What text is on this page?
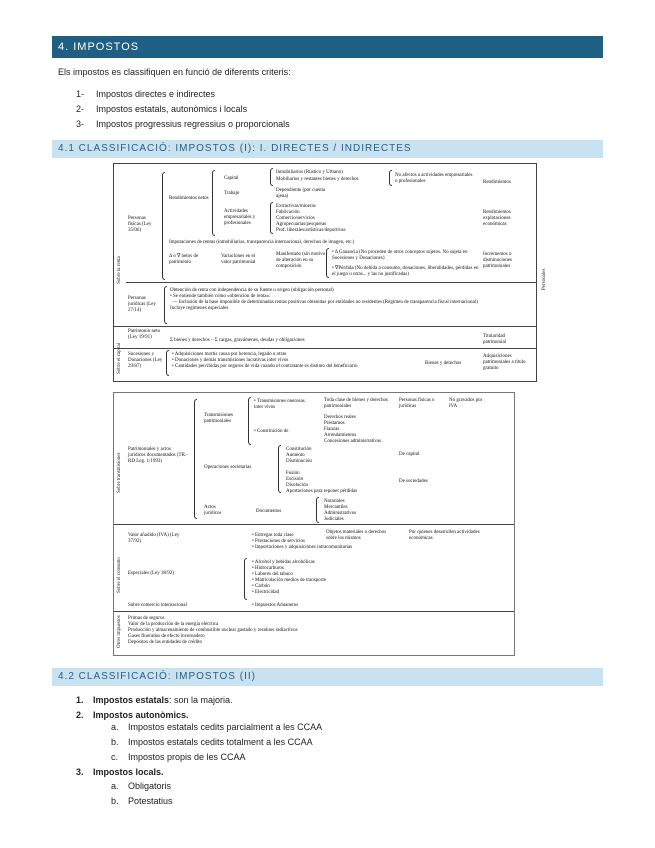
4. IMPOSTOS
Els impostos es classifiquen en funció de diferents criteris:
1- Impostos directes e indirectes
2- Impostos estatals, autonòmics i locals
3- Impostos progressius regressius o proporcionals
4.1 CLASSIFICACIÓ: IMPOSTOS (I): I. DIRECTES / INDIRECTES
Sobre la renta
Sobre el capital
Personas físicas (Ley 35/06)
Rendimientos netos
Capital
Trabajo
Actividades empresariales y profesionales
Inmobiliarios (Rústico y Urbano)
Mobiliarios y restantes bienes y derechos
No afectos a actividades empresariales o profesionales
Dependiente (por cuenta ajena)
Extractivas/mineras
Fabricación
Comercio/servicios
Agropecuarias/pesqueras
Prof. liberales/artísticas/deportivas
Imputaciones de rentas (inmobiliarias, transparencia internacional, derechos de imagen, etc.)
Δ o ∇ netos de patrimonio
Variaciones en el valor patrimonial
Manifestado (sin motivo de alteración en su composición
• Δ Ganancia (No proceden de otros conceptos sujetos. No sujeta en Sucesiones y Donaciones)
• ∇Pérdida (No debida a consumo, donaciones, liberalidades, pérdidas en el juego u otras... y las no justificadas)
Rendimientos
Rendimientos explotaciones económicas
Incrementos o disminuciones patrimoniales
Personas jurídicas (Ley 27/14)
Obtención de renta con independencia de su fuente u origen (obligación personal)
• Se entiende también como «obtención de renta»:
— Inclusión de la base imponible de determinadas rentas positivas obtenidas por entidades no residentes (Régimen de transparencia fiscal internacional)
Incluye regímenes especiales
Patrimonio neto (Ley 19/91)
Σ bienes y derechos – Σ cargas, gravámenes, deudas y obligaciones
Titularidad patrimonial
Sucesiones y Donaciones (Ley 29/87)
• Adquisiciones mortis causa por herencia, legado u otras
• Donaciones y demás transmisiones lucrativas inter vivos
• Cantidades percibidas por seguros de vida cuando el contratante es distinto del beneficiario
Bienes y derechos
Adquisiciones patrimoniales a título gratuito
Personales
Sobre transmisiones
Sobre el consumo
Otros impuestos
Patrimoniales y actos jurídicos documentados (TR.-RD Leg. 1/1993)
Transmisiones patrimoniales
• Transmisiones onerosas inter vivos
Toda clase de bienes y derechos patrimoniales
Personas físicas o jurídicas
No gravados por IVA
• Constitución de
Derechos reales
Préstamos
Fianzas
Arrendamientos
Concesiones administrativas
Operaciones societarias
Constitución
Aumento
Disminución
Fusión
Escisión
Disolución
Aportaciones para reponer pérdidas
De capital
De sociedades
Actos jurídicos	Documentos
Notariales
Mercantiles
Administrativos
Judiciales
Valor añadido (IVA) (Ley 37/92)
• Entregas toda clase
• Prestaciones de servicios
• Importaciones y adquisiciones intracomunitarias
Objetos materiales o derechos sobre los mismos
Por quienes desarrollen actividades económicas
Especiales (Ley 38/92)
• Alcohol y bebidas alcohólicas
• Hidrocarburos
• Labores del tabaco
• Matriculación medios de transporte
• Carbón
• Electricidad
Sobre comercio internacional	• Impuestos Aduaneros
Primas de seguros
Valor de la producción de la energía eléctrica
Producción y almacenamiento de combustible nuclear gastado y residuos radiactivos
Gases fluorados de efecto invernadero
Depósitos de las entidades de crédito
4.2 CLASSIFICACIÓ: IMPOSTOS (II)
1. Impostos estatals: son la majoria.
2. Impostos autonòmics.
a. Impostos estatals cedits parcialment a les CCAA
b. Impostos estatals cedits totalment a les CCAA
c. Impostos propis de les CCAA
3. Impostos locals.
a. Obligatoris
b. Potestatius
